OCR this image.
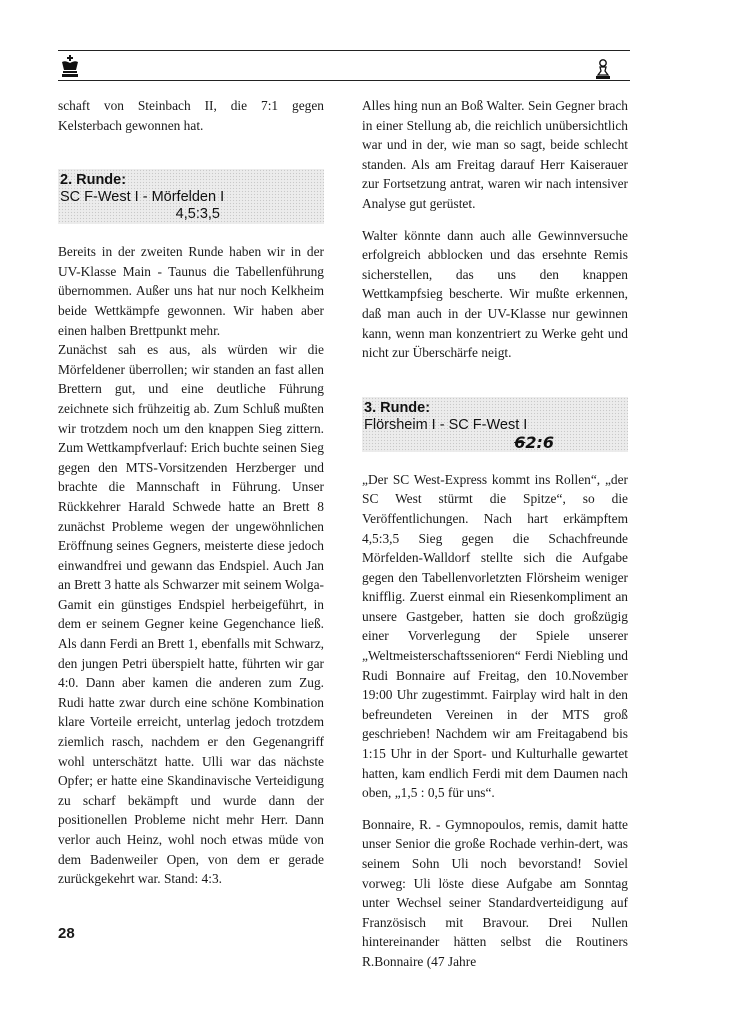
schaft von Steinbach II, die 7:1 gegen Kelsterbach gewonnen hat.

2. Runde:
SC F-West I - Mörfelden I
4,5:3,5

Bereits in der zweiten Runde haben wir in der UV-Klasse Main - Taunus die Tabellenführung übernommen. Außer uns hat nur noch Kelkheim beide Wettkämpfe gewonnen. Wir haben aber einen halben Brettpunkt mehr.

Zunächst sah es aus, als würden wir die Mörfeldener überrollen; wir standen an fast allen Brettern gut, und eine deutliche Führung zeichnete sich frühzeitig ab. Zum Schluß mußten wir trotzdem noch um den knappen Sieg zittern. Zum Wettkampfverlauf: Erich buchte seinen Sieg gegen den MTS-Vorsitzenden Herzberger und brachte die Mannschaft in Führung. Unser Rückkehrer Harald Schwede hatte an Brett 8 zunächst Probleme wegen der ungewöhnlichen Eröffnung seines Gegners, meisterte diese jedoch einwandfrei und gewann das Endspiel. Auch Jan an Brett 3 hatte als Schwarzer mit seinem Wolga-Gamit ein günstiges Endspiel herbeigeführt, in dem er seinem Gegner keine Gegenchance ließ. Als dann Ferdi an Brett 1, ebenfalls mit Schwarz, den jungen Petri überspielt hatte, führten wir gar 4:0. Dann aber kamen die anderen zum Zug. Rudi hatte zwar durch eine schöne Kombination klare Vorteile erreicht, unterlag jedoch trotzdem ziemlich rasch, nachdem er den Gegenangriff wohl unterschätzt hatte. Ulli war das nächste Opfer; er hatte eine Skandinavische Verteidigung zu scharf bekämpft und wurde dann der positionellen Probleme nicht mehr Herr. Dann verlor auch Heinz, wohl noch etwas müde von dem Badenweiler Open, von dem er gerade zurückgekehrt war. Stand: 4:3.

Alles hing nun an Boß Walter. Sein Gegner brach in einer Stellung ab, die reichlich unübersichtlich war und in der, wie man so sagt, beide schlecht standen. Als am Freitag darauf Herr Kaiserauer zur Fortsetzung antrat, waren wir nach intensiver Analyse gut gerüstet.

Walter könnte dann auch alle Gewinnversuche erfolgreich abblocken und das ersehnte Remis sicherstellen, das uns den knappen Wettkampfsieg bescherte. Wir mußte erkennen, daß man auch in der UV-Klasse nur gewinnen kann, wenn man konzentriert zu Werke geht und nicht zur Überschärfe neigt.

3. Runde:
Flörsheim I - SC F-West I
62:6

„Der SC West-Express kommt ins Rollen“, „der SC West stürmt die Spitze“, so die Veröffentlichungen. Nach hart erkämpftem 4,5:3,5 Sieg gegen die Schachfreunde Mörfelden-Walldorf stellte sich die Aufgabe gegen den Tabellenvorletzten Flörsheim weniger knifflig. Zuerst einmal ein Riesenkompliment an unsere Gastgeber, hatten sie doch großzügig einer Vorverlegung der Spiele unserer „Weltmeisterschaftssenioren“ Ferdi Niebling und Rudi Bonnaire auf Freitag, den 10.November 19:00 Uhr zugestimmt. Fairplay wird halt in den befreundeten Vereinen in der MTS groß geschrieben! Nachdem wir am Freitagabend bis 1:15 Uhr in der Sport- und Kulturhalle gewartet hatten, kam endlich Ferdi mit dem Daumen nach oben, „1,5 : 0,5 für uns“.

Bonnaire, R. - Gymnopoulos, remis, damit hatte unser Senior die große Rochade verhin-dert, was seinem Sohn Uli noch bevorstand! Soviel vorweg: Uli löste diese Aufgabe am Sonntag unter Wechsel seiner Standardverteidigung auf Französisch mit Bravour. Drei Nullen hintereinander hätten selbst die Routiners R.Bonnaire (47 Jahre

28
